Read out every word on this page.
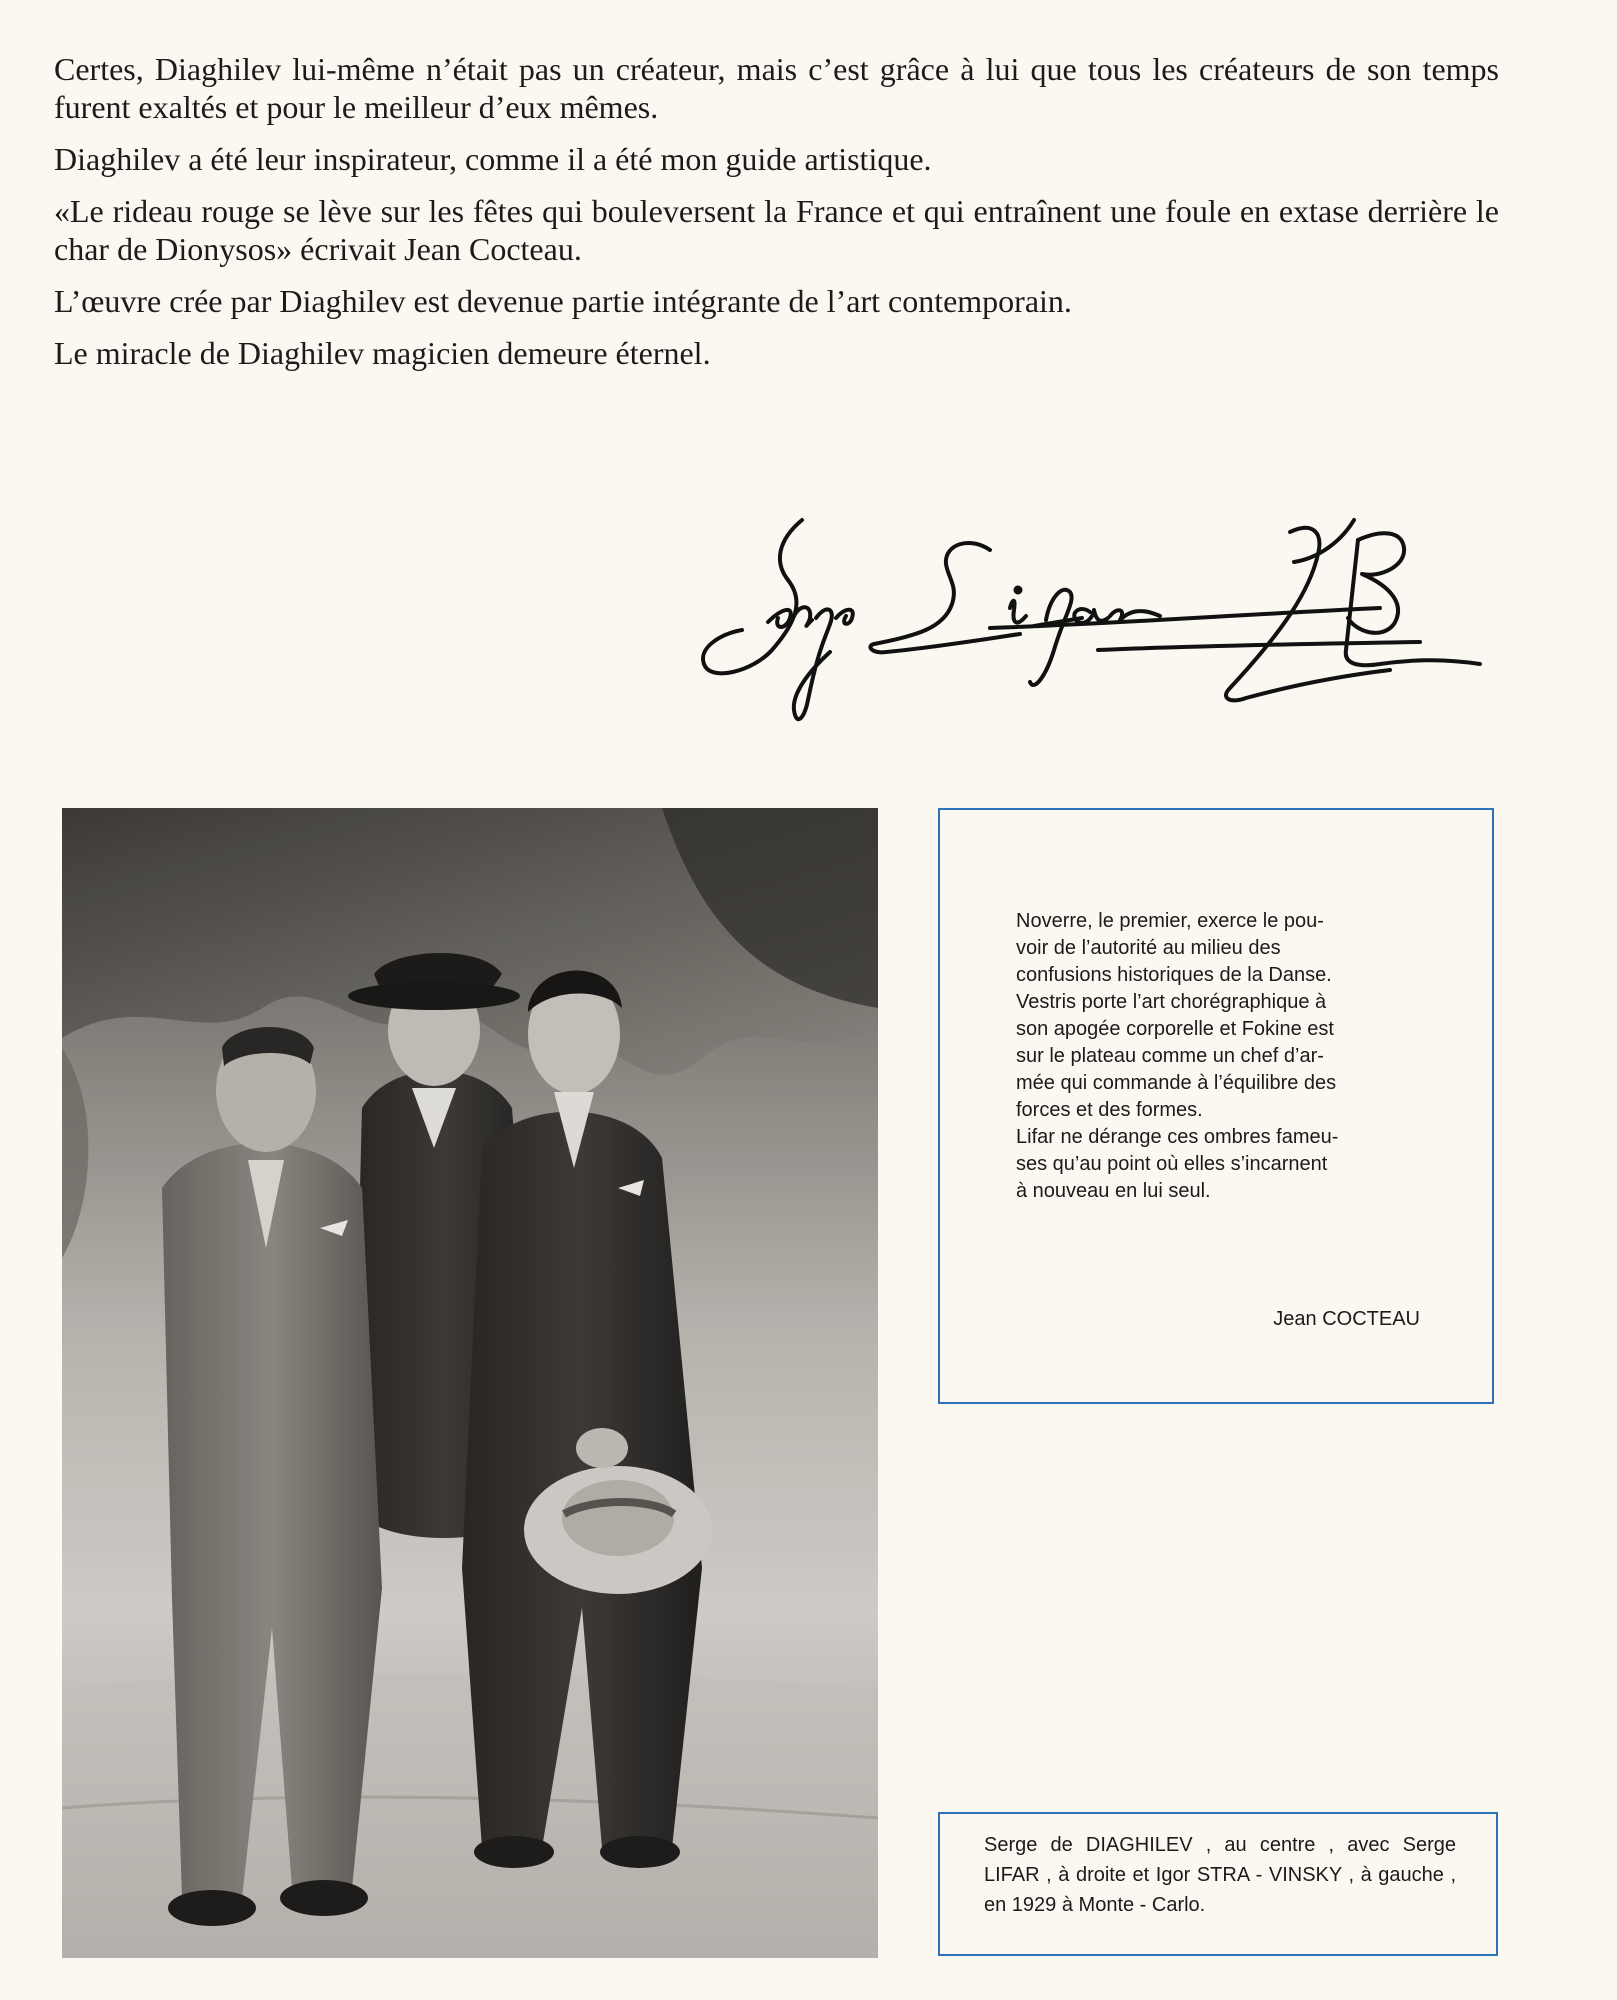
Certes, Diaghilev lui-même n’était pas un créateur, mais c’est grâce à lui que tous les créateurs de son temps furent exaltés et pour le meilleur d’eux mêmes.

Diaghilev a été leur inspirateur, comme il a été mon guide artistique.

«Le rideau rouge se lève sur les fêtes qui bouleversent la France et qui entraînent une foule en extase derrière le char de Dionysos» écrivait Jean Cocteau.

L’œuvre crée par Diaghilev est devenue partie intégrante de l’art contemporain.

Le miracle de Diaghilev magicien demeure éternel.

Noverre, le premier, exerce le pou-
voir de l’autorité au milieu des
confusions historiques de la Danse.
Vestris porte l’art chorégraphique à
son apogée corporelle et Fokine est
sur le plateau comme un chef d’ar-
mée qui commande à l’équilibre des
forces et des formes.
Lifar ne dérange ces ombres fameu-
ses qu’au point où elles s’incarnent
à nouveau en lui seul.

Jean COCTEAU

Serge de DIAGHILEV , au centre , avec Serge LIFAR , à droite et Igor STRA - VINSKY , à gauche , en 1929 à Monte - Carlo.
